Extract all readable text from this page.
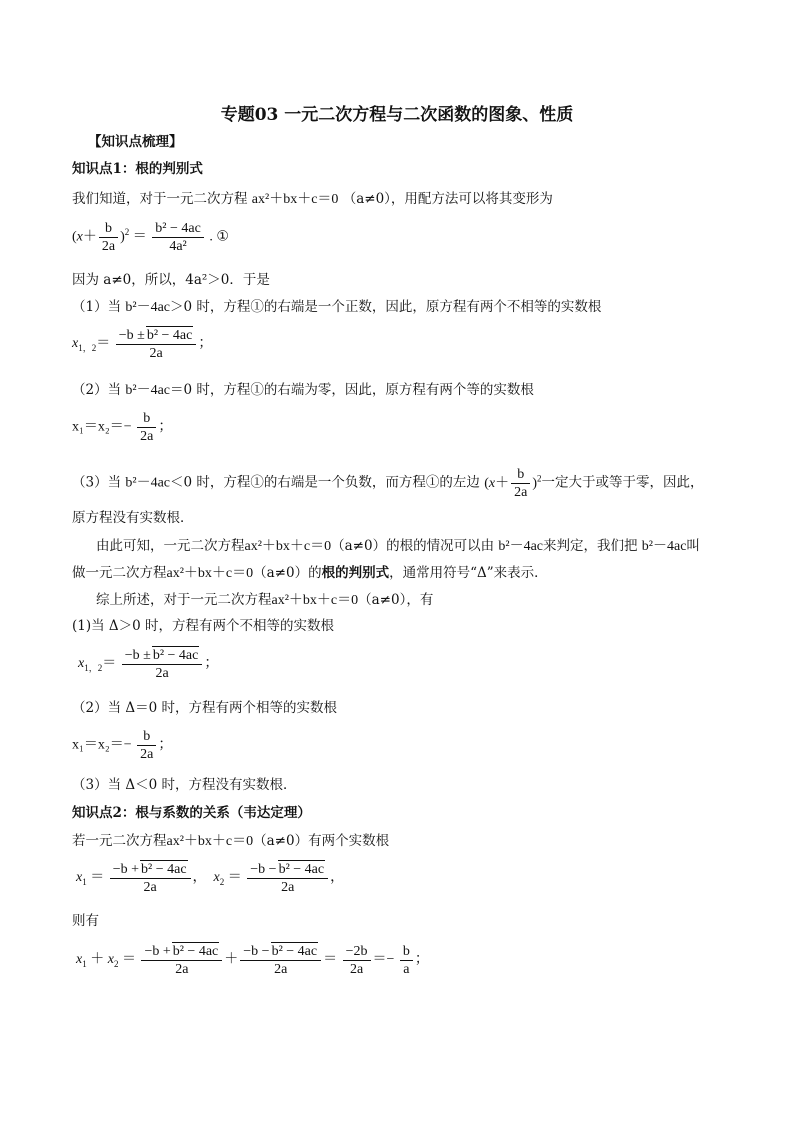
专题03 一元二次方程与二次函数的图象、性质
【知识点梳理】
知识点1：根的判别式
我们知道，对于一元二次方程 ax²＋bx＋c＝0 （a≠0），用配方法可以将其变形为
$(x+ \frac{b}{2a} )^2 = \frac{\text{b² − 4ac}}{\text{4a²}}$ . ①
因为 a≠0，所以，4a²＞0．于是
（1）当 b²－4ac＞0 时，方程①的右端是一个正数，因此，原方程有两个不相等的实数根
$x_{1,2}= \frac{\text{−b ± b² − 4ac}}{2a}$ ；
（2）当 b²－4ac＝0 时，方程①的右端为零，因此，原方程有两个等的实数根
$x_1=x_2=- \frac{b}{2a}$ ；
（3）当 b²－4ac＜0 时，方程①的右端是一个负数，而方程①的左边 $(x+ \frac{b}{2a} )^2$一定大于或等于零，因此，
原方程没有实数根．
由此可知，一元二次方程ax²＋bx＋c＝0（a≠0）的根的情况可以由 b²－4ac来判定，我们把 b²－4ac叫
做一元二次方程ax²＋bx＋c＝0（a≠0）的根的判别式，通常用符号“Δ”来表示．
综上所述，对于一元二次方程ax²＋bx＋c＝0（a≠0），有
(1)当 Δ＞0 时，方程有两个不相等的实数根
$x_{1,2}= \frac{\text{−b ± b² − 4ac}}{2a}$ ；
（2）当 Δ＝0 时，方程有两个相等的实数根
$x_1=x_2=- \frac{b}{2a}$ ；
（3）当 Δ＜0 时，方程没有实数根．
知识点2：根与系数的关系（韦达定理）
若一元二次方程ax²＋bx＋c＝0（a≠0）有两个实数根
$x_1 = \frac{\text{−b + b² − 4ac}}{2a}$ ， $x_2 = \frac{\text{−b − b² − 4ac}}{2a}$ ，
则有
$x_1 + x_2 = \frac{\text{−b + b² − 4ac}}{2a} + \frac{\text{−b − b² − 4ac}}{2a} = \frac{-2b}{2a} =- \frac{b}{a}$ ；
